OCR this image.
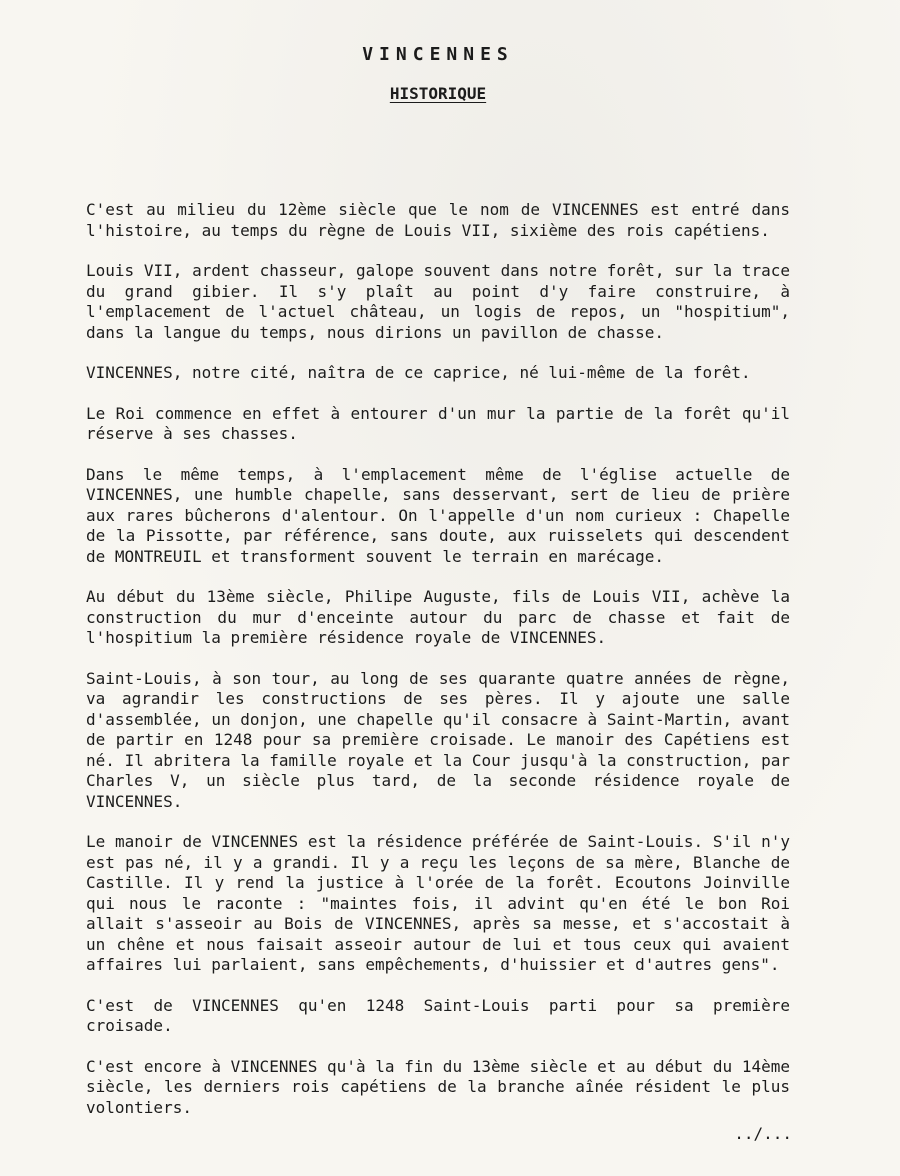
VINCENNES
HISTORIQUE

C'est au milieu du 12ème siècle que le nom de VINCENNES est entré dans l'histoire, au temps du règne de Louis VII, sixième des rois capétiens.

Louis VII, ardent chasseur, galope souvent dans notre forêt, sur la trace du grand gibier. Il s'y plaît au point d'y faire construire, à l'emplacement de l'actuel château, un logis de repos, un "hospitium", dans la langue du temps, nous dirions un pavillon de chasse.

VINCENNES, notre cité, naîtra de ce caprice, né lui-même de la forêt.

Le Roi commence en effet à entourer d'un mur la partie de la forêt qu'il réserve à ses chasses.

Dans le même temps, à l'emplacement même de l'église actuelle de VINCENNES, une humble chapelle, sans desservant, sert de lieu de prière aux rares bûcherons d'alentour. On l'appelle d'un nom curieux : Chapelle de la Pissotte, par référence, sans doute, aux ruisselets qui descendent de MONTREUIL et transforment souvent le terrain en marécage.

Au début du 13ème siècle, Philipe Auguste, fils de Louis VII, achève la construction du mur d'enceinte autour du parc de chasse et fait de l'hospitium la première résidence royale de VINCENNES.

Saint-Louis, à son tour, au long de ses quarante quatre années de règne, va agrandir les constructions de ses pères. Il y ajoute une salle d'assemblée, un donjon, une chapelle qu'il consacre à Saint-Martin, avant de partir en 1248 pour sa première croisade. Le manoir des Capétiens est né. Il abritera la famille royale et la Cour jusqu'à la construction, par Charles V, un siècle plus tard, de la seconde résidence royale de VINCENNES.

Le manoir de VINCENNES est la résidence préférée de Saint-Louis. S'il n'y est pas né, il y a grandi. Il y a reçu les leçons de sa mère, Blanche de Castille. Il y rend la justice à l'orée de la forêt. Ecoutons Joinville qui nous le raconte : "maintes fois, il advint qu'en été le bon Roi allait s'asseoir au Bois de VINCENNES, après sa messe, et s'accostait à un chêne et nous faisait asseoir autour de lui et tous ceux qui avaient affaires lui parlaient, sans empêchements, d'huissier et d'autres gens".

C'est de VINCENNES qu'en 1248 Saint-Louis parti pour sa première croisade.

C'est encore à VINCENNES qu'à la fin du 13ème siècle et au début du 14ème siècle, les derniers rois capétiens de la branche aînée résident le plus volontiers.

../...
